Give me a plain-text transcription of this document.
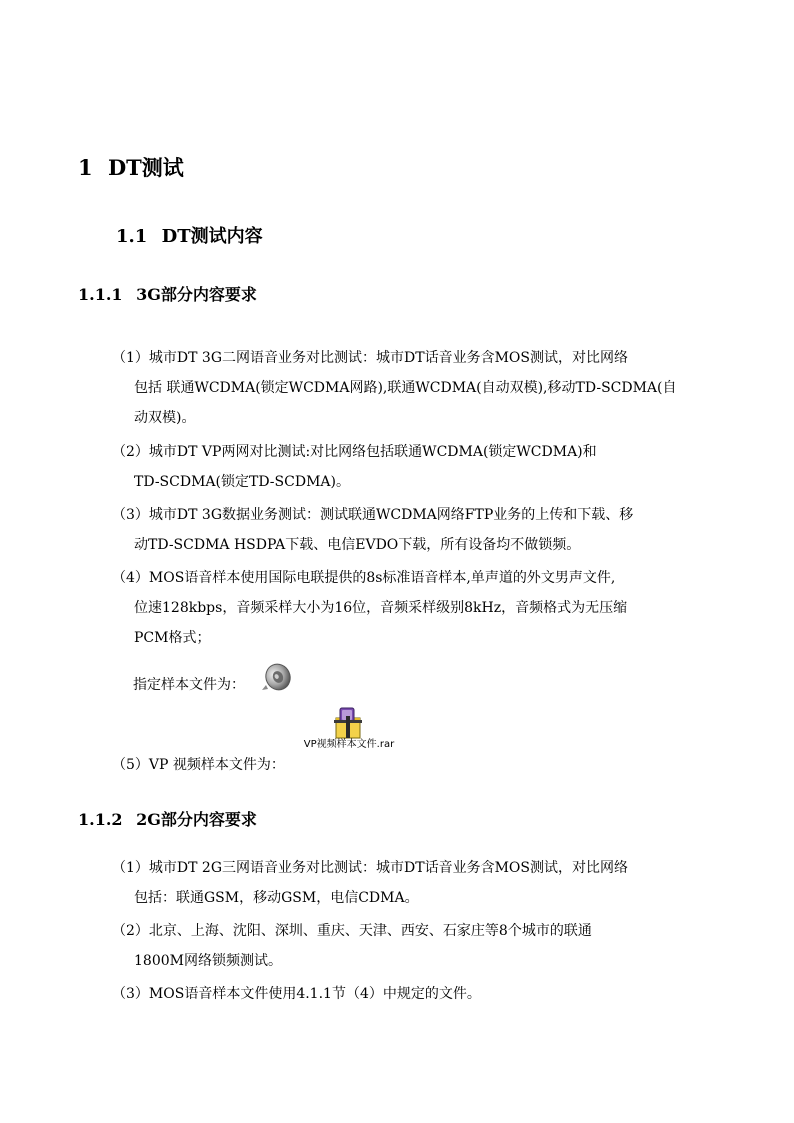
1 DT测试
1.1 DT测试内容
1.1.1 3G部分内容要求
（1）城市DT 3G二网语音业务对比测试：城市DT话音业务含MOS测试，对比网络
包括 联通WCDMA(锁定WCDMA网路),联通WCDMA(自动双模),移动TD-SCDMA(自
动双模)。
（2）城市DT VP两网对比测试:对比网络包括联通WCDMA(锁定WCDMA)和
TD-SCDMA(锁定TD-SCDMA)。
（3）城市DT 3G数据业务测试：测试联通WCDMA网络FTP业务的上传和下载、移
动TD-SCDMA HSDPA下载、电信EVDO下载，所有设备均不做锁频。
（4）MOS语音样本使用国际电联提供的8s标准语音样本,单声道的外文男声文件,
位速128kbps，音频采样大小为16位，音频采样级别8kHz，音频格式为无压缩
PCM格式；
指定样本文件为：
（5）VP 视频样本文件为：
VP视频样本文件.rar
1.1.2 2G部分内容要求
（1）城市DT 2G三网语音业务对比测试：城市DT话音业务含MOS测试，对比网络
包括：联通GSM，移动GSM，电信CDMA。
（2）北京、上海、沈阳、深圳、重庆、天津、西安、石家庄等8个城市的联通
1800M网络锁频测试。
（3）MOS语音样本文件使用4.1.1节（4）中规定的文件。
